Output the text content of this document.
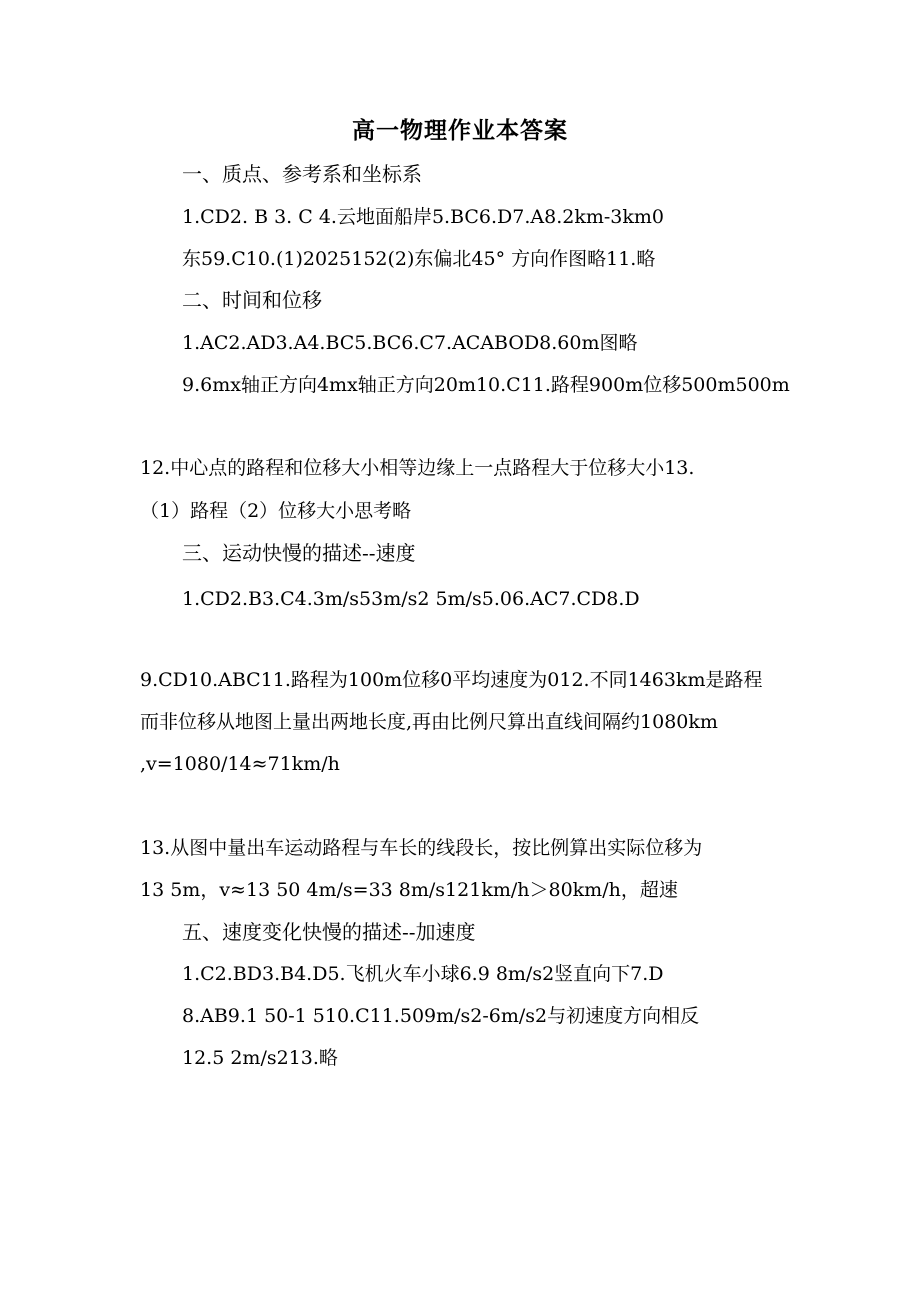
高一物理作业本答案
一、质点、参考系和坐标系
1.CD2. B 3. C 4.云地面船岸5.BC6.D7.A8.2km-3km0
东59.C10.(1)2025152(2)东偏北45° 方向作图略11.略
二、时间和位移
1.AC2.AD3.A4.BC5.BC6.C7.ACABOD8.60m图略
9.6mx轴正方向4mx轴正方向20m10.C11.路程900m位移500m500m
12.中心点的路程和位移大小相等边缘上一点路程大于位移大小13.
（1）路程（2）位移大小思考略
三、运动快慢的描述--速度
1.CD2.B3.C4.3m/s53m/s2 5m/s5.06.AC7.CD8.D
9.CD10.ABC11.路程为100m位移0平均速度为012.不同1463km是路程
而非位移从地图上量出两地长度,再由比例尺算出直线间隔约1080km
,v=1080/14≈71km/h
13.从图中量出车运动路程与车长的线段长，按比例算出实际位移为
13 5m，v≈13 50 4m/s=33 8m/s121km/h＞80km/h，超速
五、速度变化快慢的描述--加速度
1.C2.BD3.B4.D5.飞机火车小球6.9 8m/s2竖直向下7.D
8.AB9.1 50-1 510.C11.509m/s2-6m/s2与初速度方向相反
12.5 2m/s213.略
